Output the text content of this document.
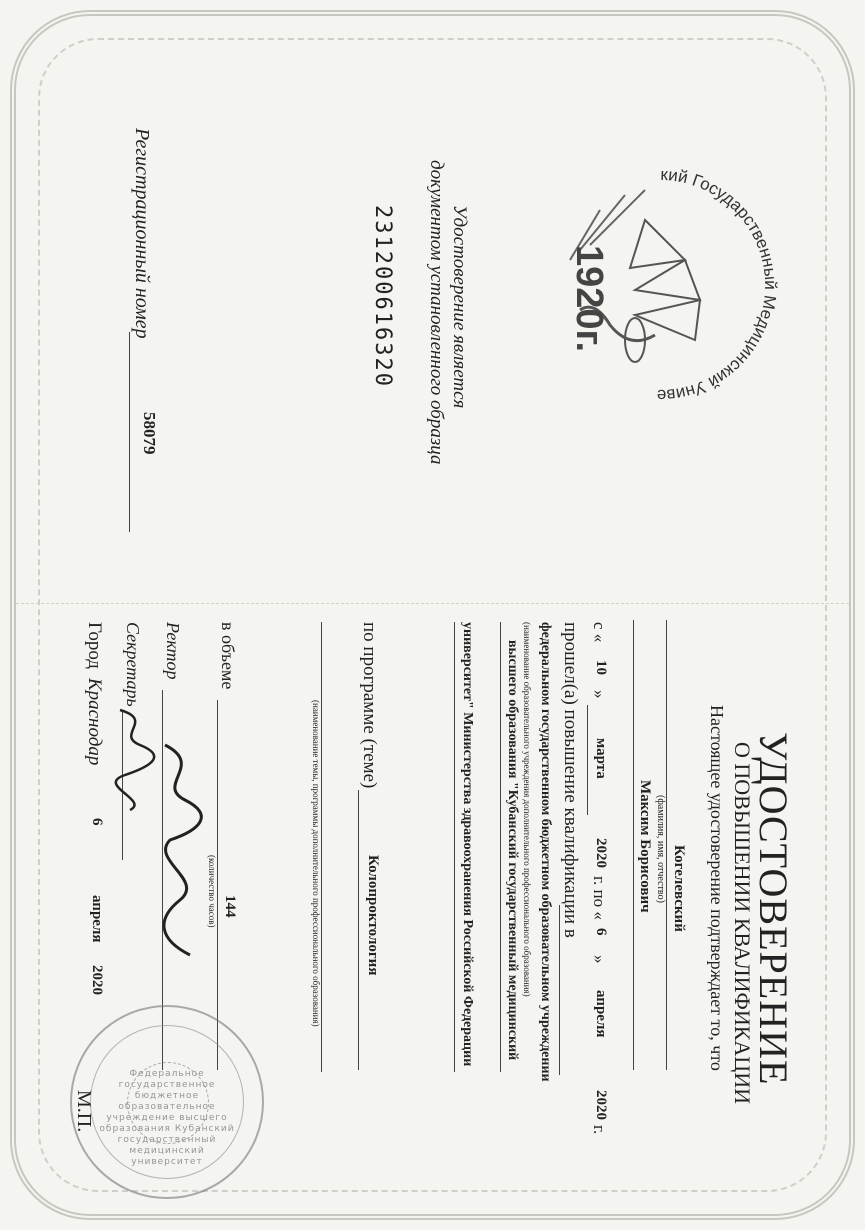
Кубанский Государственный Медицинский Университет
1920г.
Удостоверение является
документом установленного образца
231200616320
Регистрационный номер
58079
УДОСТОВЕРЕНИЕ
О ПОВЫШЕНИИ КВАЛИФИКАЦИИ
Настоящее удостоверение подтверждает то, что
Когелевский
(фамилия, имя, отчество)
Максим Борисович
с «
10
»
марта
2020
г. по «
6
»
апреля
2020
г.
прошел(а) повышение квалификации в
федеральном государственном бюджетном образовательном учреждении
(наименование образовательного учреждения дополнительного профессионального образования)
высшего образования "Кубанский государственный медицинский
университет" Министерства здравоохранения Российской Федерации
по программе (теме)
Колопроктология
(наименование темы, программы дополнительного профессионального образования)
в объеме
144
(количество часов)
Ректор
Секретарь
Город
Краснодар
6
апреля
2020
М.П.
Федеральное государственное бюджетное образовательное учреждение высшего образования Кубанский государственный медицинский университет
